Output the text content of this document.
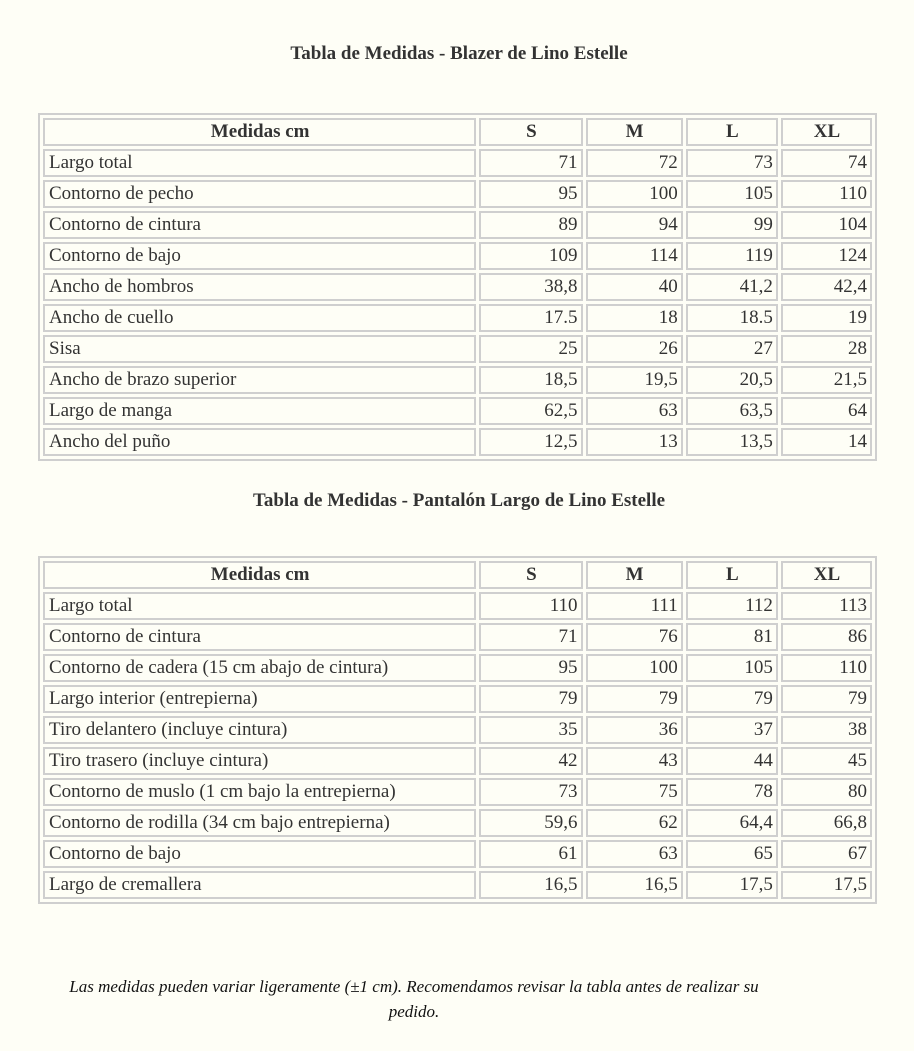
Tabla de Medidas - Blazer de Lino Estelle
Medidas cm	S	M	L	XL
Largo total	71	72	73	74
Contorno de pecho	95	100	105	110
Contorno de cintura	89	94	99	104
Contorno de bajo	109	114	119	124
Ancho de hombros	38,8	40	41,2	42,4
Ancho de cuello	17.5	18	18.5	19
Sisa	25	26	27	28
Ancho de brazo superior	18,5	19,5	20,5	21,5
Largo de manga	62,5	63	63,5	64
Ancho del puño	12,5	13	13,5	14
Tabla de Medidas - Pantalón Largo de Lino Estelle
Medidas cm	S	M	L	XL
Largo total	110	111	112	113
Contorno de cintura	71	76	81	86
Contorno de cadera (15 cm abajo de cintura)	95	100	105	110
Largo interior (entrepierna)	79	79	79	79
Tiro delantero (incluye cintura)	35	36	37	38
Tiro trasero (incluye cintura)	42	43	44	45
Contorno de muslo (1 cm bajo la entrepierna)	73	75	78	80
Contorno de rodilla (34 cm bajo entrepierna)	59,6	62	64,4	66,8
Contorno de bajo	61	63	65	67
Largo de cremallera	16,5	16,5	17,5	17,5
Las medidas pueden variar ligeramente (±1 cm). Recomendamos revisar la tabla antes de realizar su pedido.
